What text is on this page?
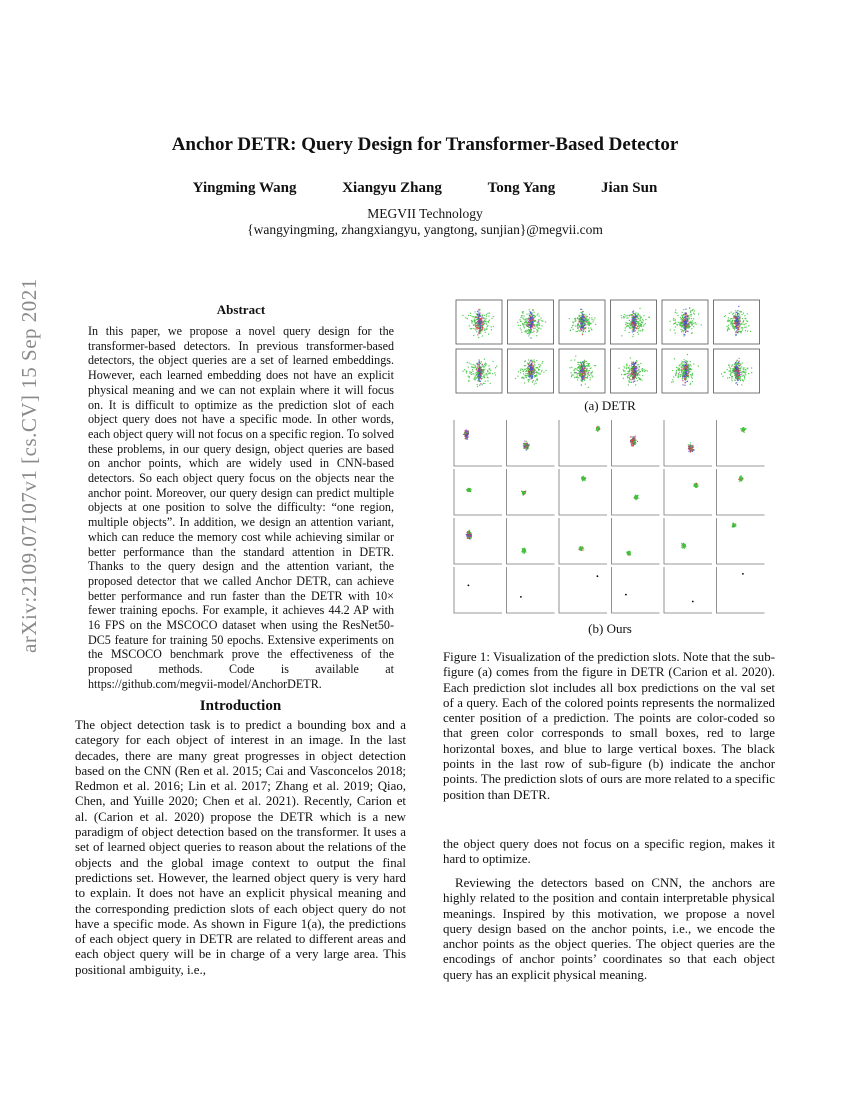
arXiv:2109.07107v1 [cs.CV] 15 Sep 2021
Anchor DETR: Query Design for Transformer-Based Detector
Yingming Wang	Xiangyu Zhang	Tong Yang	Jian Sun
MEGVII Technology
{wangyingming, zhangxiangyu, yangtong, sunjian}@megvii.com
Abstract
In this paper, we propose a novel query design for the transformer-based detectors. In previous transformer-based detectors, the object queries are a set of learned embeddings. However, each learned embedding does not have an explicit physical meaning and we can not explain where it will focus on. It is difficult to optimize as the prediction slot of each object query does not have a specific mode. In other words, each object query will not focus on a specific region. To solved these problems, in our query design, object queries are based on anchor points, which are widely used in CNN-based detectors. So each object query focus on the objects near the anchor point. Moreover, our query design can predict multiple objects at one position to solve the difficulty: “one region, multiple objects”. In addition, we design an attention variant, which can reduce the memory cost while achieving similar or better performance than the standard attention in DETR. Thanks to the query design and the attention variant, the proposed detector that we called Anchor DETR, can achieve better performance and run faster than the DETR with 10× fewer training epochs. For example, it achieves 44.2 AP with 16 FPS on the MSCOCO dataset when using the ResNet50-DC5 feature for training 50 epochs. Extensive experiments on the MSCOCO benchmark prove the effectiveness of the proposed methods. Code is available at https://github.com/megvii-model/AnchorDETR.
Introduction
The object detection task is to predict a bounding box and a category for each object of interest in an image. In the last decades, there are many great progresses in object detection based on the CNN (Ren et al. 2015; Cai and Vasconcelos 2018; Redmon et al. 2016; Lin et al. 2017; Zhang et al. 2019; Qiao, Chen, and Yuille 2020; Chen et al. 2021). Recently, Carion et al. (Carion et al. 2020) propose the DETR which is a new paradigm of object detection based on the transformer. It uses a set of learned object queries to reason about the relations of the objects and the global image context to output the final predictions set. However, the learned object query is very hard to explain. It does not have an explicit physical meaning and the corresponding prediction slots of each object query do not have a specific mode. As shown in Figure 1(a), the predictions of each object query in DETR are related to different areas and each object query will be in charge of a very large area. This positional ambiguity, i.e.,
(a) DETR
(b) Ours
Figure 1: Visualization of the prediction slots. Note that the sub-figure (a) comes from the figure in DETR (Carion et al. 2020). Each prediction slot includes all box predictions on the val set of a query. Each of the colored points represents the normalized center position of a prediction. The points are color-coded so that green color corresponds to small boxes, red to large horizontal boxes, and blue to large vertical boxes. The black points in the last row of sub-figure (b) indicate the anchor points. The prediction slots of ours are more related to a specific position than DETR.
the object query does not focus on a specific region, makes it hard to optimize.
Reviewing the detectors based on CNN, the anchors are highly related to the position and contain interpretable physical meanings. Inspired by this motivation, we propose a novel query design based on the anchor points, i.e., we encode the anchor points as the object queries. The object queries are the encodings of anchor points’ coordinates so that each object query has an explicit physical meaning.
